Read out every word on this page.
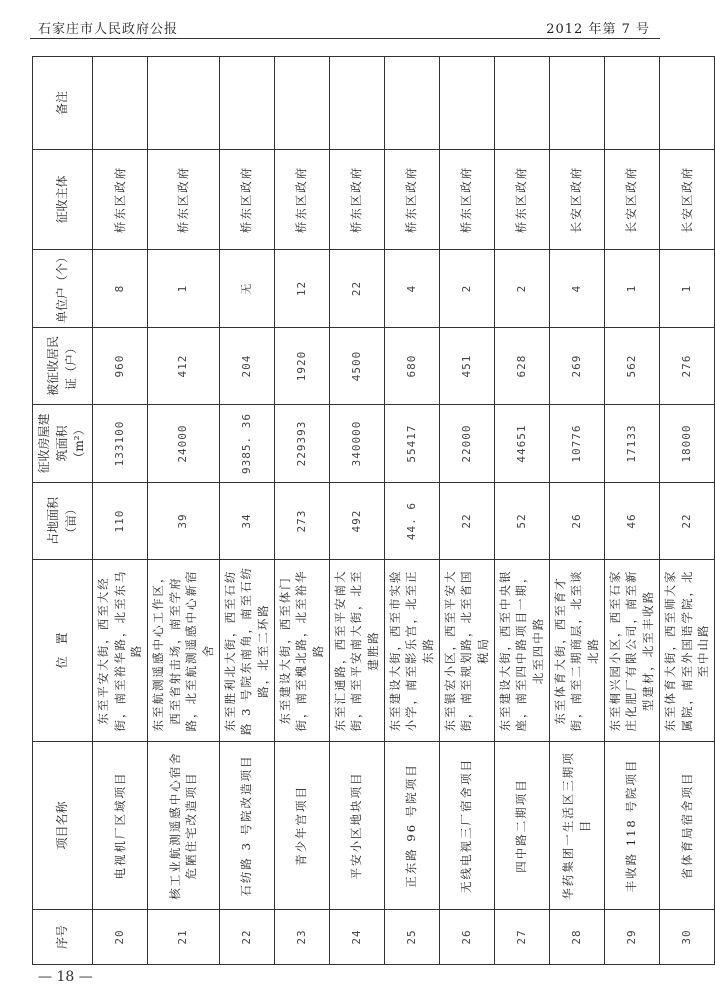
石家庄市人民政府公报	2012 年第 7 号
序号	项目名称	位　置	占地面积（亩）	征收房屋建筑面积（m²）	被征收居民证（户）	单位户（个）	征收主体	备注
20	电视机厂区域项目	东至平安大街，西至大经街，南至裕华路，北至东马路	110	133100	960	8	桥东区政府	
21	核工业航测遥感中心宿舍危陋住宅改造项目	东至航测遥感中心工作区，西至省射击场，南至学府路，北至航测遥感中心新宿舍	39	24000	412	1	桥东区政府	
22	石纺路 3 号院改造项目	东至胜利北大街，西至石纺路 3 号院东南角，南至石纺路，北至二环路	34	9385. 36	204	无	桥东区政府	
23	青少年宫项目	东至建设大街，西至体门街，南至槐北路，北至裕华路	273	229393	1920	12	桥东区政府	
24	平安小区地块项目	东至汇通路，西至平安南大街，南至平安南大街，北至建胜路	492	340000	4500	22	桥东区政府	
25	正东路 96 号院项目	东至建设大街，西至市实验小学，南至影乐宫，北至正东路	44. 6	55417	680	4	桥东区政府	
26	无线电视三厂宿舍项目	东至银宏小区，西至平安大街，南至规划路，北至省国税局	22	22000	451	2	桥东区政府	
27	四中路二期项目	东至建设大街，西至中央银座，南至四中路项目一期，北至四中路	52	44651	628	2	桥东区政府	
28	华药集团一生活区三期项目	东至体育大街，西至育才街，南至二期商层，北至谈北路	26	10776	269	4	长安区政府	
29	丰收路 118 号院项目	东至桐兴园小区，西至石家庄化肥厂有限公司，南至新型建材，北至丰收路	46	17133	562	1	长安区政府	
30	省体育局宿舍项目	东至体育大街，西至师大家属院，南至外国语学院，北至中山路	22	18000	276	1	长安区政府	
— 18 —
